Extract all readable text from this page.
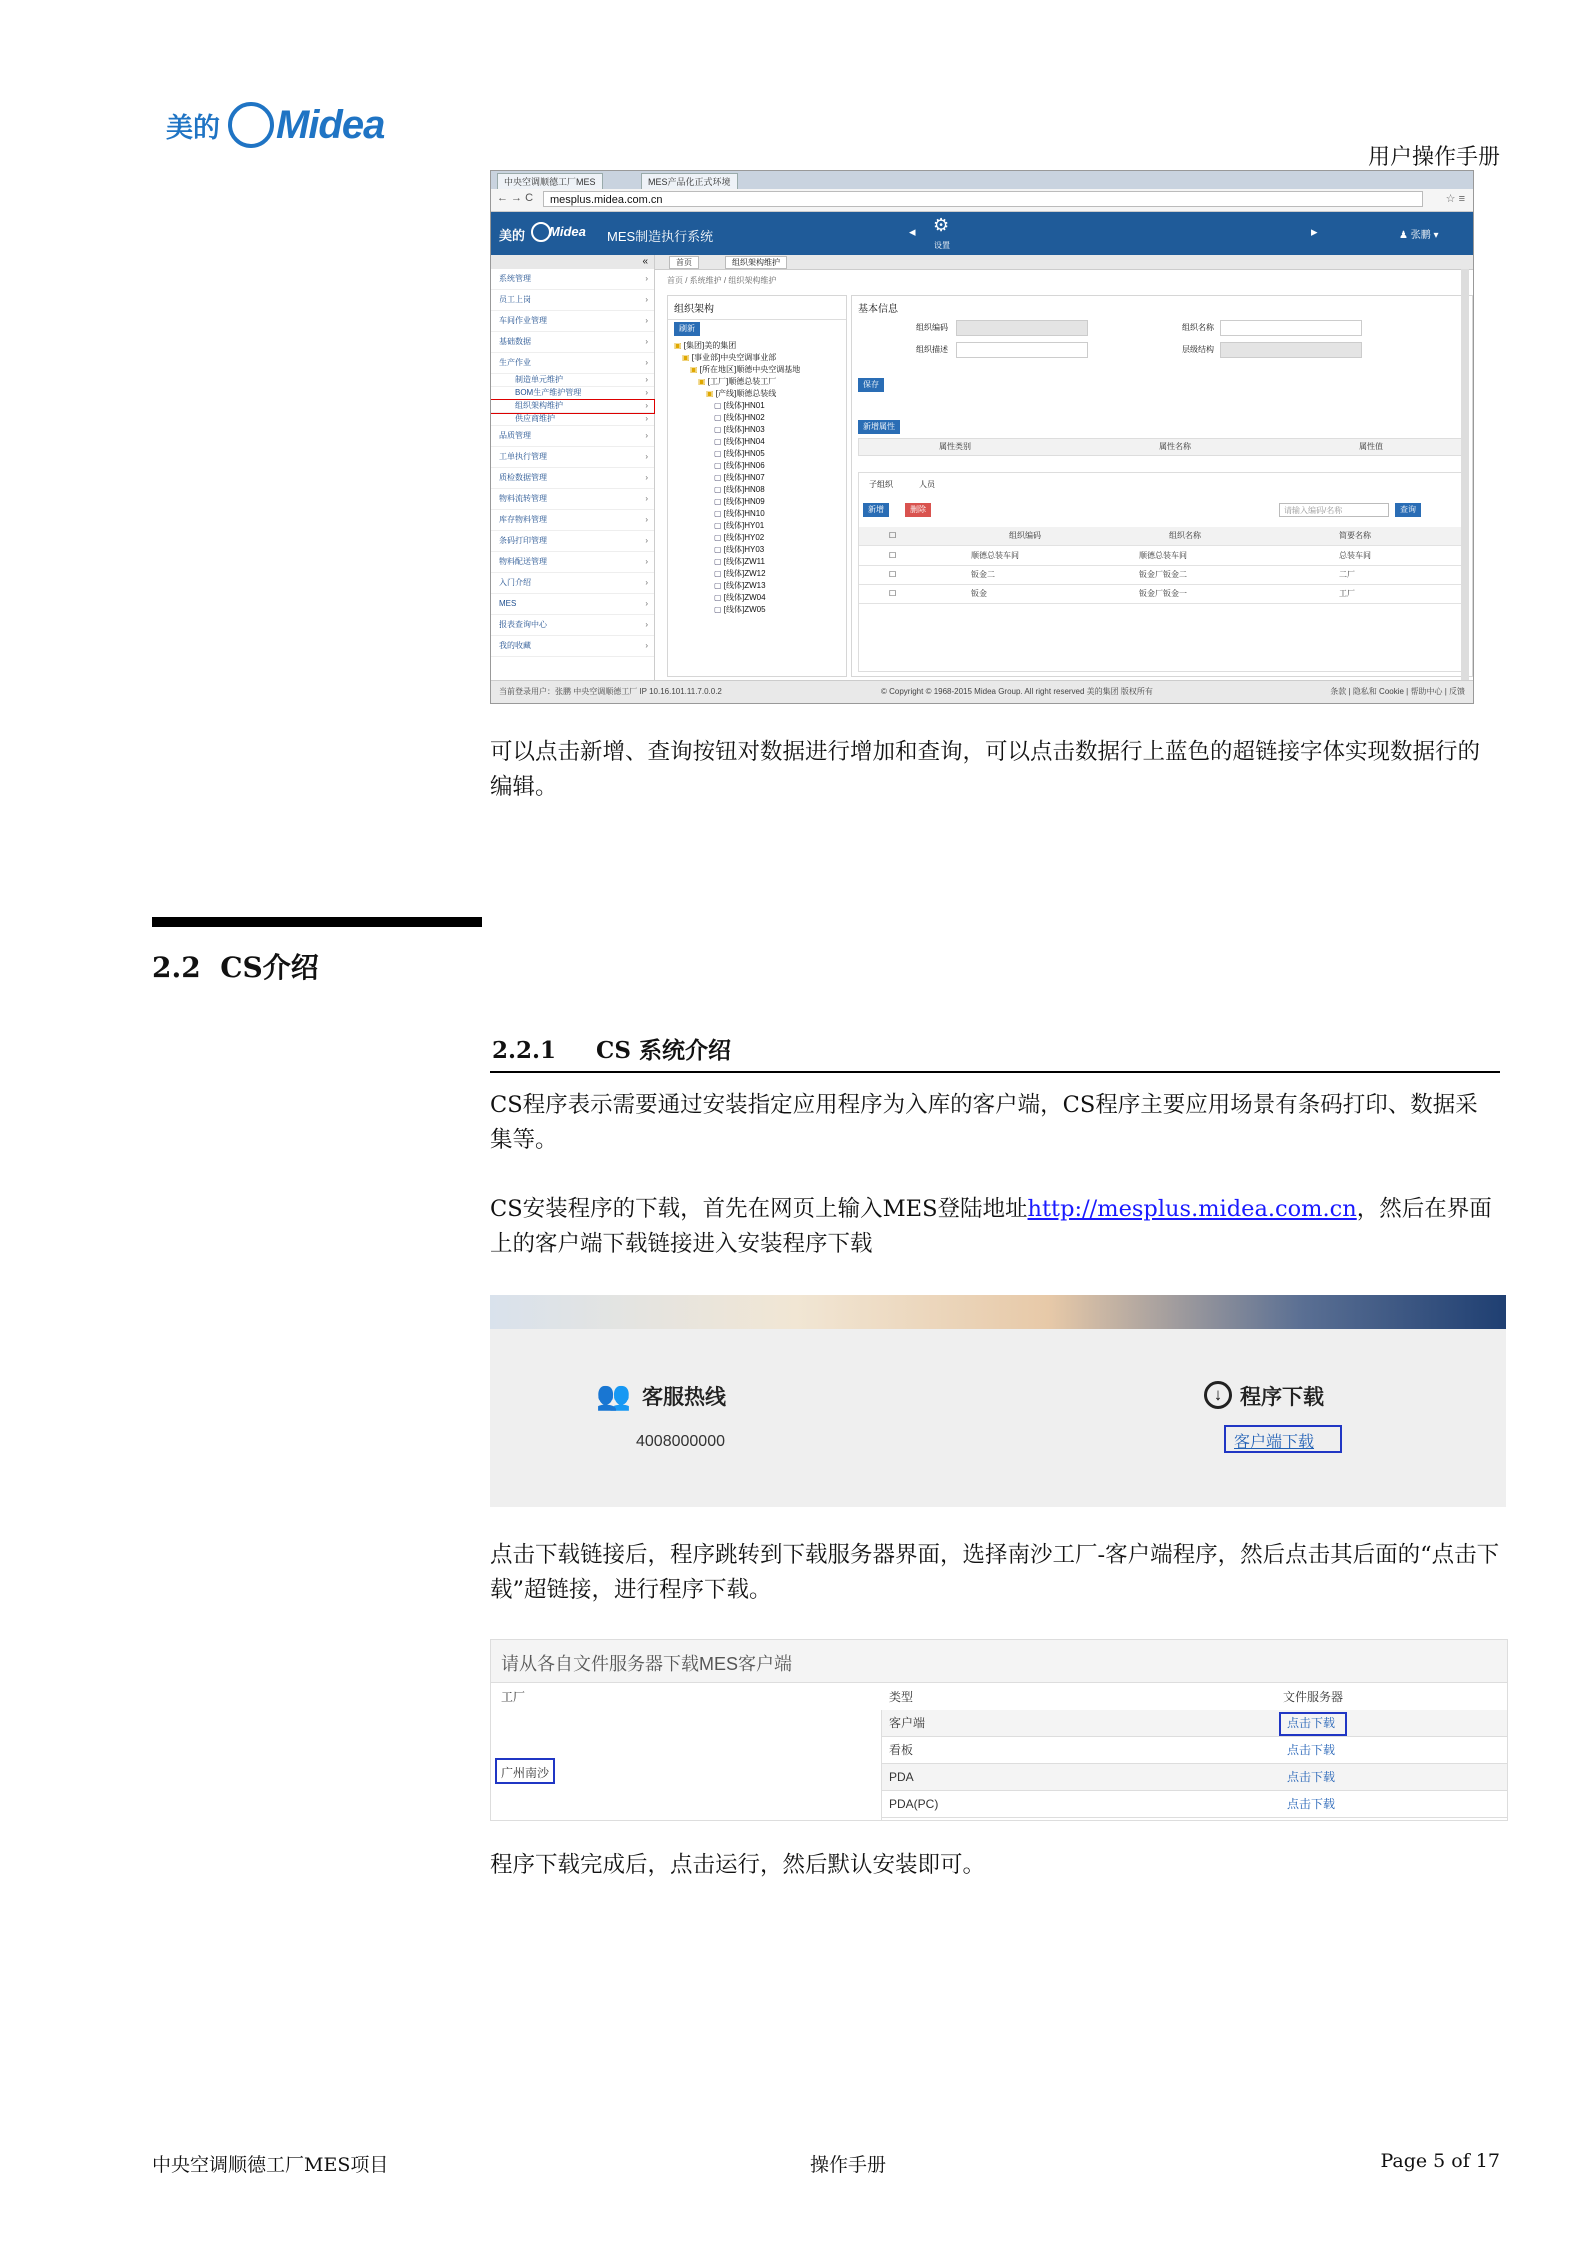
美的 Midea
用户操作手册
中央空调顺德工厂MES	MES产品化正式环境
← → C	mesplus.midea.com.cn	☆ ≡
美的 Midea MES制造执行系统	◂ ⚙
设置
▸	♟ 张鹏 ▾
«
系统管理	›
员工上岗	›
车间作业管理	›
基础数据	›
生产作业	›
制造单元维护	›
BOM生产维护管理	›
组织架构维护	›
供应商维护	›
品质管理	›
工单执行管理	›
质检数据管理	›
物料流转管理	›
库存物料管理	›
条码打印管理	›
物料配送管理	›
入门介绍	›
MES	›
报表查询中心	›
我的收藏	›
首页	组织架构维护
首页 / 系统维护 / 组织架构维护
组织架构
刷新
▣ [集团]美的集团
▣ [事业部]中央空调事业部
▣ [所在地区]顺德中央空调基地
▣ [工厂]顺德总装工厂
▣ [产线]顺德总装线
▢ [线体]HN01
▢ [线体]HN02
▢ [线体]HN03
▢ [线体]HN04
▢ [线体]HN05
▢ [线体]HN06
▢ [线体]HN07
▢ [线体]HN08
▢ [线体]HN09
▢ [线体]HN10
▢ [线体]HY01
▢ [线体]HY02
▢ [线体]HY03
▢ [线体]ZW11
▢ [线体]ZW12
▢ [线体]ZW13
▢ [线体]ZW04
▢ [线体]ZW05
基本信息
组织编码	组织名称
组织描述	层级结构
保存
新增属性
属性类别	属性名称	属性值
子组织	人员
新增	删除	请输入编码/名称	查询
☐	组织编码	组织名称	简要名称
☐	顺德总装车间	顺德总装车间	总装车间
☐	钣金二	钣金厂钣金二	二厂
☐	钣金	钣金厂钣金一	工厂
当前登录用户：张鹏 中央空调顺德工厂 IP 10.16.101.11.7.0.0.2	© Copyright © 1968-2015 Midea Group. All right reserved 美的集团 版权所有	条款 | 隐私和 Cookie | 帮助中心 | 反馈
可以点击新增、查询按钮对数据进行增加和查询，可以点击数据行上蓝色的超链接字体实现数据行的编辑。
2.2 CS介绍
2.2.1 CS 系统介绍
CS程序表示需要通过安装指定应用程序为入库的客户端，CS程序主要应用场景有条码打印、数据采集等。
CS安装程序的下载，首先在网页上输入MES登陆地址http://mesplus.midea.com.cn，然后在界面上的客户端下载链接进入安装程序下载
👥 客服热线
4008000000
↓ 程序下载
客户端下载
点击下载链接后，程序跳转到下载服务器界面，选择南沙工厂-客户端程序，然后点击其后面的“点击下载”超链接，进行程序下载。
请从各自文件服务器下载MES客户端
工厂	类型	文件服务器
客户端	点击下载
看板	点击下载
PDA	点击下载
PDA(PC)	点击下载
广州南沙
程序下载完成后，点击运行，然后默认安装即可。
中央空调顺德工厂MES项目	操作手册	Page 5 of 17
